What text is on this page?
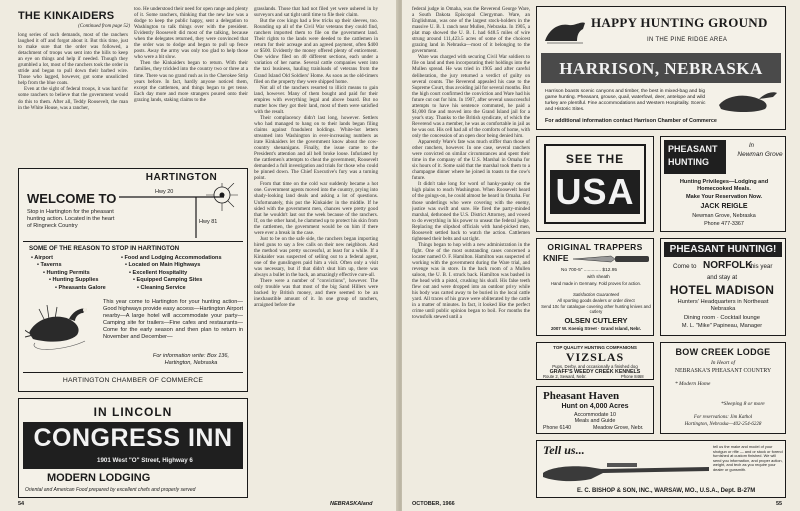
THE KINKAIDERS
(Continued from page 52)

long series of such demands, most of the ranchers laughed it off and forgot about it. But this time, just to make sure that the order was followed, a detachment of troops was sent into the hills to keep an eye on things and help if needed. Though they grumbled a lot, most of the ranchers took the order in stride and began to pull down their barbed wire. Those who lagged, however, got some unsolicited help from the blue coats.

Even at the sight of federal troops, it was hard for some ranchers to believe that the government would do this to them. After all, Teddy Roosevelt, the man in the White House, was a rancher,

too. He understood their need for open range and plenty of it. Some ranchers, thinking that the new law was a dodge to keep the public happy, sent a delegation to Washington to talk things over with the president. Evidently Roosevelt did most of the talking, because when the delegates returned, they were convinced that the order was to dodge and began to pull up fence posts. Away the army was only too glad to help those who were a bit slow.

Then the Kinkaiders began to return. With their families, they trickled into the country two or three at a time. There was no grand rush as in the Cherokee Strip years before. In fact, hardly anyone noticed them, except the cattlemen, and things began to get tense. Each day more and more strangers poured onto their grazing lands, staking claims to the

grasslands. Those that had not filed yet were ushered in by surveyors and sat tight until time to file their claim.

But the cow kings had a few tricks up their sleeves, too. Rounding up all of the Civil War veterans they could find, ranchers imported them to file on the government land. Their rights to the lands were deeded to the cattlemen in return for their acreage and an agreed payment, often $400 or $500. Evidently the money offered plenty of enticement. One widow filed on 40 different sections, each under a variation of her name. Several cattle companies went into the taxi business, hauling trainloads of veterans from the Grand Island Old Soldiers' Home. As soon as the old-timers filed on the property they were shipped home.

Not all of the ranchers resorted to illicit means to gain land, however. Many of them bought and paid for their empires with everything legal and above board. But no matter how they got their land, most of them were satisfied with the result.

Their complacency didn't last long, however. Settlers who had managed to hang on to their lands began filing claims against fraudulent holdings. White-hot letters streamed into Washington in ever-increasing numbers as irate Kinkaiders let the government know about the cow-country shenanigans. Finally, the issue came to the President's attention and all hell broke loose. Infuriated by the cattlemen's attempts to cheat the government, Roosevelt demanded a full investigation and trials for those who could be pinned down. The Chief Executive's fury was a turning point.

From that time on the cold war suddenly became a hot one. Government agents moved into the country, prying into shady-looking land deals and asking a lot of questions. Unfortunately, this put the Kinkaider in the middle. If he sided with the government men, chances were pretty good that he wouldn't last out the week because of the ranchers. If, on the other hand, he clammed up to protect his skin from the cattlemen, the government would be on him if there were ever a break in the case.

Just to be on the safe side, the ranchers began importing hired guns to say a few calls on their new neighbors. And the method was pretty successful, at least for a while. If a Kinkaider was suspected of selling out to a federal agent, one of the gunslingers paid him a visit. Often only a visit was necessary, but if that didn't shut him up, there was always a bullet in the back, an amazingly effective cure-all.

There were a number of "convictions", however. The only trouble was that most of the big Sand Hillers were backed by British money, and there seemed to be an inexhaustible amount of it. In one group of ranchers, arraigned before the

HARTINGTON
Hwy 20
Hwy 81
WELCOME TO
Stop in Hartington for the pheasant hunting action. Located in the heart of Ringneck Country
SOME OF THE REASON TO STOP IN HARTINGTON
• Airport
• Taverns
• Hunting Permits
• Hunting Supplies
• Pheasants Galore
• Food and Lodging Accommodations
• Located on Main Highways
• Excellent Hospitality
• Equipped Camping Sites
• Cleaning Service
This year come to Hartington for your hunting action—Good highways provide easy access—Hartington Airport nearby—A large hotel will accommodate your party—Camping site for trailers—Fine cafes and restaurants—Come for the early season and then plan to return in November and December—
For information write: Box 136, Hartington, Nebraska
HARTINGTON CHAMBER OF COMMERCE
IN LINCOLN
CONGRESS INN
1901 West "O" Street, Highway 6
MODERN LODGING
Oriental and American Food prepared by excellent chefs and properly served
54	NEBRASKAland

federal judge in Omaha, was the Reverend George Ware, a South Dakota Episcopal Clergyman. Ware, an Englishman, was one of the largest stock-holders in the massive U. B. I. ranch near Mullen, Nebraska. In 1905, a plat map showed the U. B. I. had 648.5 miles of wire strung around 111,423.5 acres of some of the choicest grazing land in Nebraska—most of it belonging to the government.

Ware was charged with securing Civil War soldiers to file on land and then incorporating their holdings into the Mullen spread. He was tried in 1905 and after careful deliberation, the jury returned a verdict of guilty on several counts. The Reverend appealed his case to the Supreme Court, thus avoiding jail for several months. But the high court confirmed the conviction and Ware had his future cut out for him. In 1907, after several unsuccessful attempts to have his sentence commuted, he paid a $1,000 fine and moved into the Grand Island jail for a year's stay. Thanks to the British syndicate, of which the Reverend was a member, he was as comfortable in jail as he was out. His cell had all of the comforts of home, with only the concession of an open door being denied him.

Apparently Ware's fate was much stiffer than those of other ranchers, however. In one case, several ranchers were convicted on similar circumstances and spent their time in the company of the U.S. Marshal in Omaha for six hours of it. Some said that the marshal took them to a champagne dinner where he joined in toasts to the cow's future.

It didn't take long for word of hanky-panky on the high plains to reach Washington. When Roosevelt heard of the goings-on, he could almost be heard in Omaha. For those underlings who were covering with the enemy, justice was swift and sure. He fired the party-minded marshal, dethroned the U.S. District Attorney, and vowed to do everything in his power to unseat the federal judge. Replacing the slipshod officials with hand-picked men, Roosevelt settled back to watch the action. Cattlemen tightened their belts and sat tight.

Things began to hop with a new administration in the fight. One of the most outstanding cases concerned a locater named O. F. Hamilton. Hamilton was suspected of working with the government during the Ware trial, and revenge was in store. In the back room of a Mullen saloon, the U. B. I. struck back. Hamilton was bashed in the head with a pistol, crushing his skull. His false teeth flew out and were dropped into an outdoor privy while his body was carted away to be buried in the local cattle yard. All traces of his grave were obliterated by the cattle in a matter of minutes. In fact, it looked like the perfect crime until public opinion began to boil. For months the townsfolk stewed until a

HAPPY HUNTING GROUND
IN THE PINE RIDGE AREA
HARRISON, NEBRASKA
Harrison boasts scenic canyons and timber, the best in mixed-bag and big game hunting. Pheasant, grouse, quail, waterfowl, deer, antelope and wild turkey are plentiful. Fine accommodations and Western Hospitality. Scenic and Historic Sites.
For additional information contact Harrison Chamber of Commerce
SEE THE
USA
PHEASANT HUNTING
In
Newman Grove
Hunting Privileges—Lodging and Homecooked Meals.
Make Your Reservation Now.
JACK REIGLE
Newman Grove, Nebraska
Phone 477-3367
ORIGINAL TRAPPERS
KNIFE
No 700-5" ............. $12.95
with sheath
Hand made in Germany. Fold proves for action.
Satisfaction Guaranteed
All sporting goods dealers or order direct
Send 10c for catalogue covering other hunting knives and cutlery
OLSEN CUTLERY
2007 W. Koenig Street · Grand Island, Nebr.
PHEASANT HUNTING!
Come to NORFOLK
this year
and stay at
HOTEL MADISON
Hunters' Headquarters in Northeast Nebraska
Dining room · Cocktail lounge
M. L. "Mike" Papineau, Manager
TOP QUALITY HUNTING COMPANIONS
VIZSLAS
Pups, Derby, and occasionally a finished dog
GRAFF'S WEEDY CREEK KENNELS
Route 2, Seward, Nebr.	Phone 8468
Pheasant Haven
Hunt on 4,000 Acres
Accommodate 10
Meals and Guide
Phone 6140	Meadow Grove, Nebr.
BOW CREEK LODGE
In Heart of
NEBRASKA'S PHEASANT COUNTRY
* Modern Home
*Sleeping 8 or more
For reservations: Jim Kathol
Hartington, Nebraska—402-254-6228
Tell us...	tell us the make and model of your shotgun or rifle — and or stock or forend furnished at custom finished. We will send you information, and proper action, weight, and tech as you require your dealer or gunsmith.
E. C. BISHOP & SON, INC., WARSAW, MO., U.S.A., Dept. B-27M
OCTOBER, 1966	55
